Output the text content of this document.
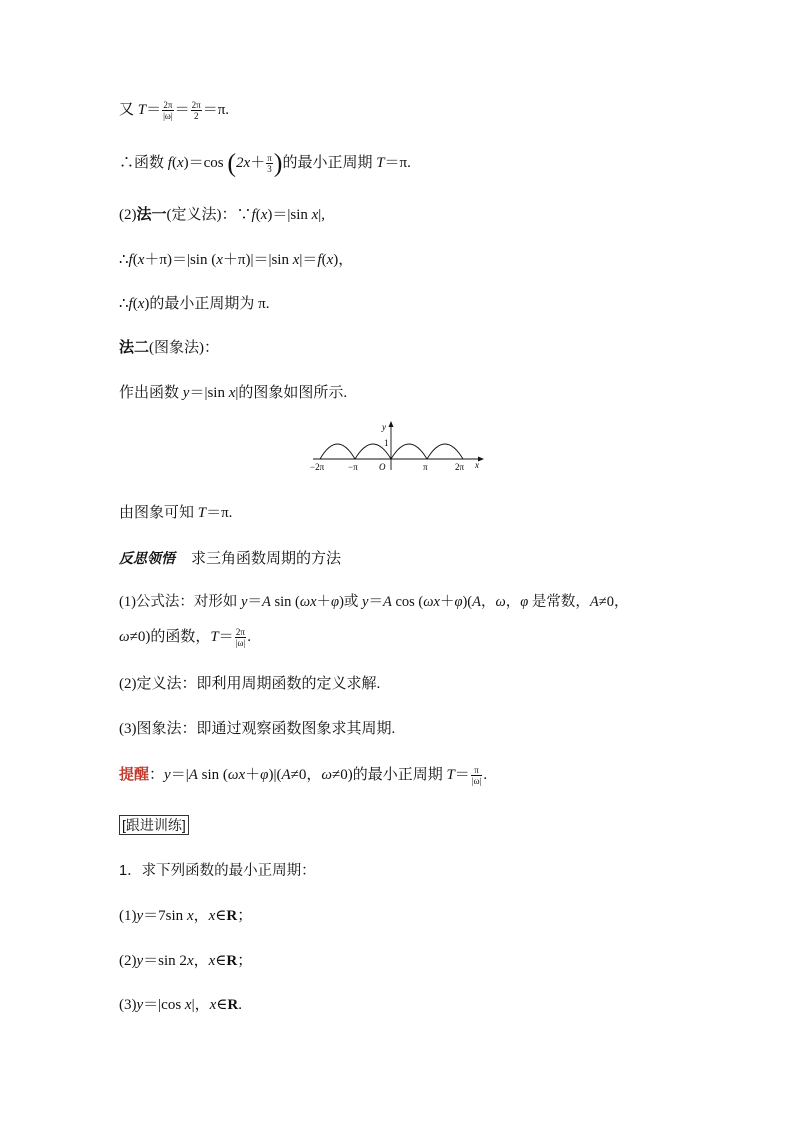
又 $T= \frac{2\pi}{|\omega|} = \frac{2\pi}{2} =\pi$.
∴函数 f(x)＝cos ($2x+ \frac{\pi}{3}$ )的最小正周期 T＝π.
(2)法一(定义法)：∵f(x)＝|sin x|,
∴f(x＋π)＝|sin (x＋π)|＝|sin x|＝f(x)，
∴f(x)的最小正周期为 π.
法二(图象法)：
作出函数 y＝|sin x|的图象如图所示.
y
1
x
O
−2π	−π	π	2π
由图象可知 T＝π.
反思领悟 求三角函数周期的方法
(1)公式法：对形如 y＝A sin (ωx＋φ)或 y＝A cos (ωx＋φ)(A，ω，φ 是常数，A≠0，
ω≠0)的函数，$T= \frac{2\pi}{|\omega|}$ .
(2)定义法：即利用周期函数的定义求解.
(3)图象法：即通过观察函数图象求其周期.
提醒：y＝|A sin (ωx＋φ)|(A≠0，ω≠0)的最小正周期 $T= \frac{\pi}{|\omega|}$ .
[跟进训练]
1．求下列函数的最小正周期：
(1)y＝7sin x，x∈R；
(2)y＝sin 2x，x∈R；
(3)y＝|cos x|，x∈R.
